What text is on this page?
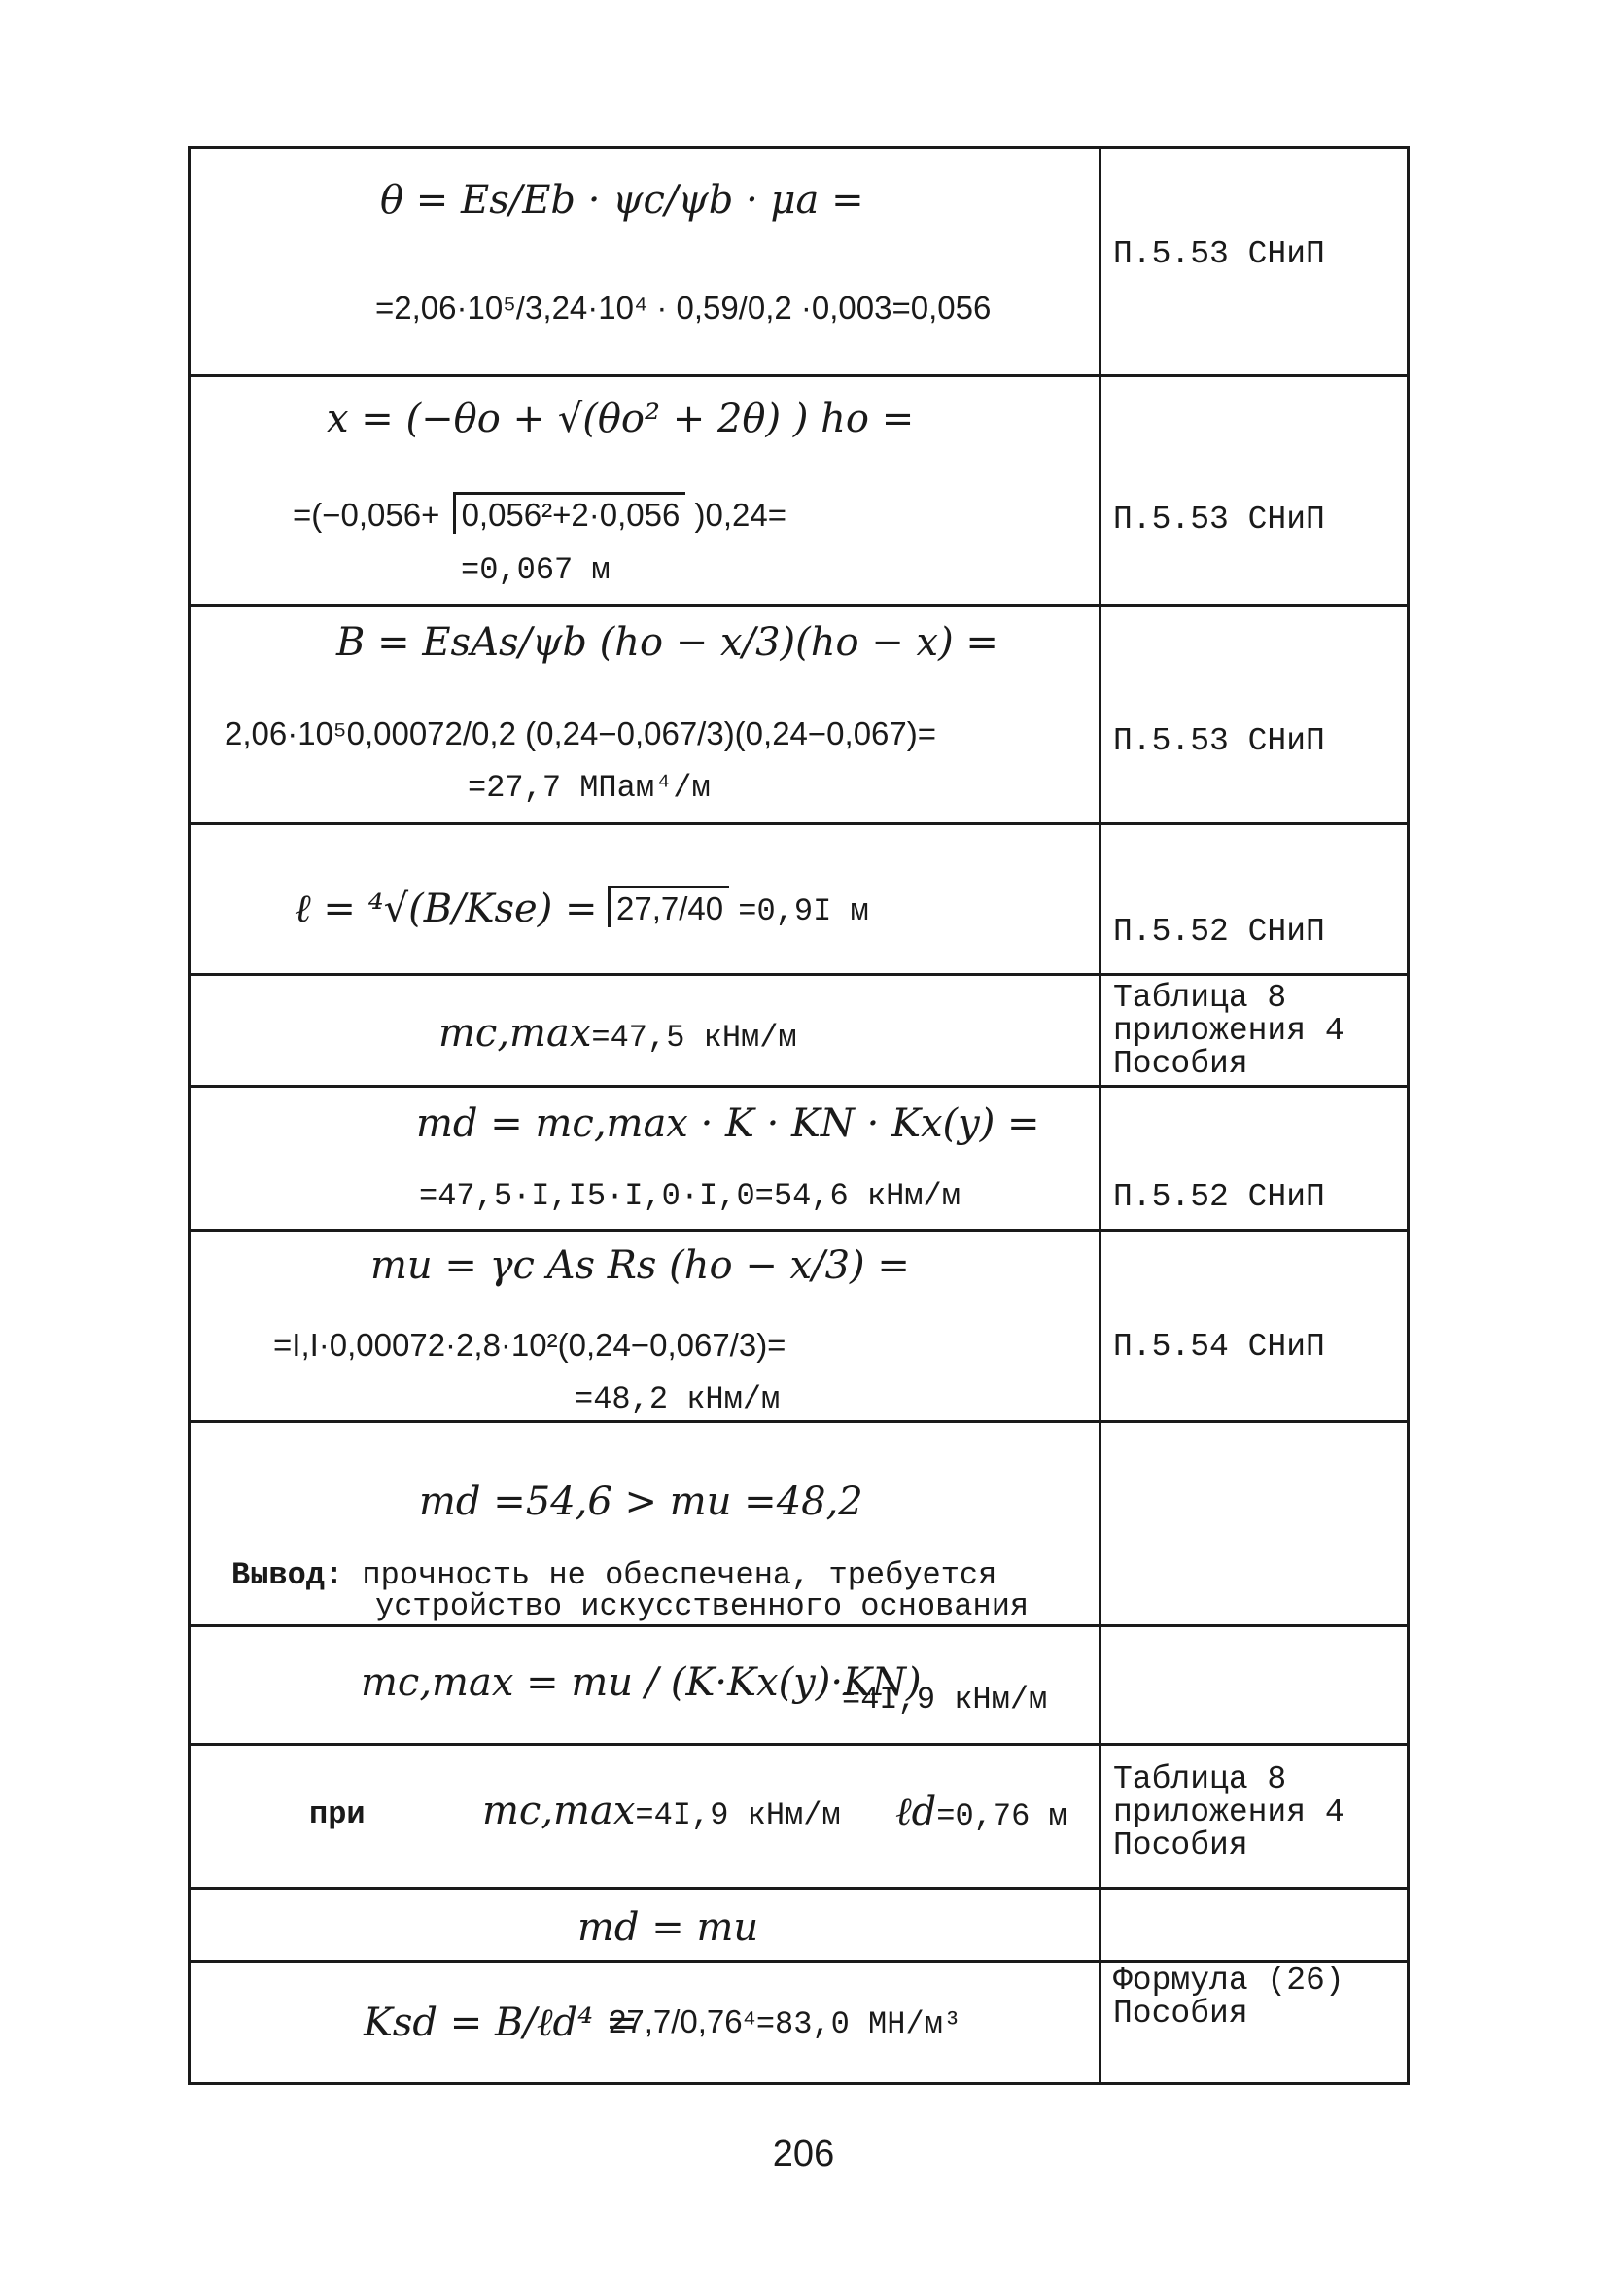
θ = Es/Eb · ψc/ψb · μa =
=2,06·10⁵/3,24·10⁴ · 0,59/0,2 ·0,003=0,056
П.5.53 СНиП
x = (−θo + √(θo² + 2θ) ) ho =
=(−0,056+ 0,056²+2·0,056 )0,24=
=0,067 м
П.5.53 СНиП
B = EsAs/ψb (ho − x/3)(ho − x) =
2,06·10⁵0,00072/0,2 (0,24−0,067/3)(0,24−0,067)=
=27,7 МПам⁴/м
П.5.53 СНиП
ℓ = ⁴√(B/Kse) = 27,7/40 =0,9I м
П.5.52 СНиП
mc,max=47,5 кНм/м
Таблица 8
приложения 4
Пособия
md = mc,max · K · KN · Kx(y) =
=47,5·I,I5·I,0·I,0=54,6 кНм/м	П.5.52 СНиП
mu = γc As Rs (ho − x/3) =
=I,I·0,00072·2,8·10²(0,24−0,067/3)=
=48,2 кНм/м
П.5.54 СНиП
md =54,6 > mu =48,2
Вывод: прочность не обеспечена, требуется
устройство искусственного основания
mc,max = mu / (K·Kx(y)·KN)
=4I,9 кНм/м
при	mc,max=4I,9 кНм/м ℓd=0,76 м
Таблица 8
приложения 4
Пособия
md = mu
Ksd = B/ℓd⁴ =
27,7/0,76⁴=83,0 МН/м³
Формула (26)
Пособия
206
